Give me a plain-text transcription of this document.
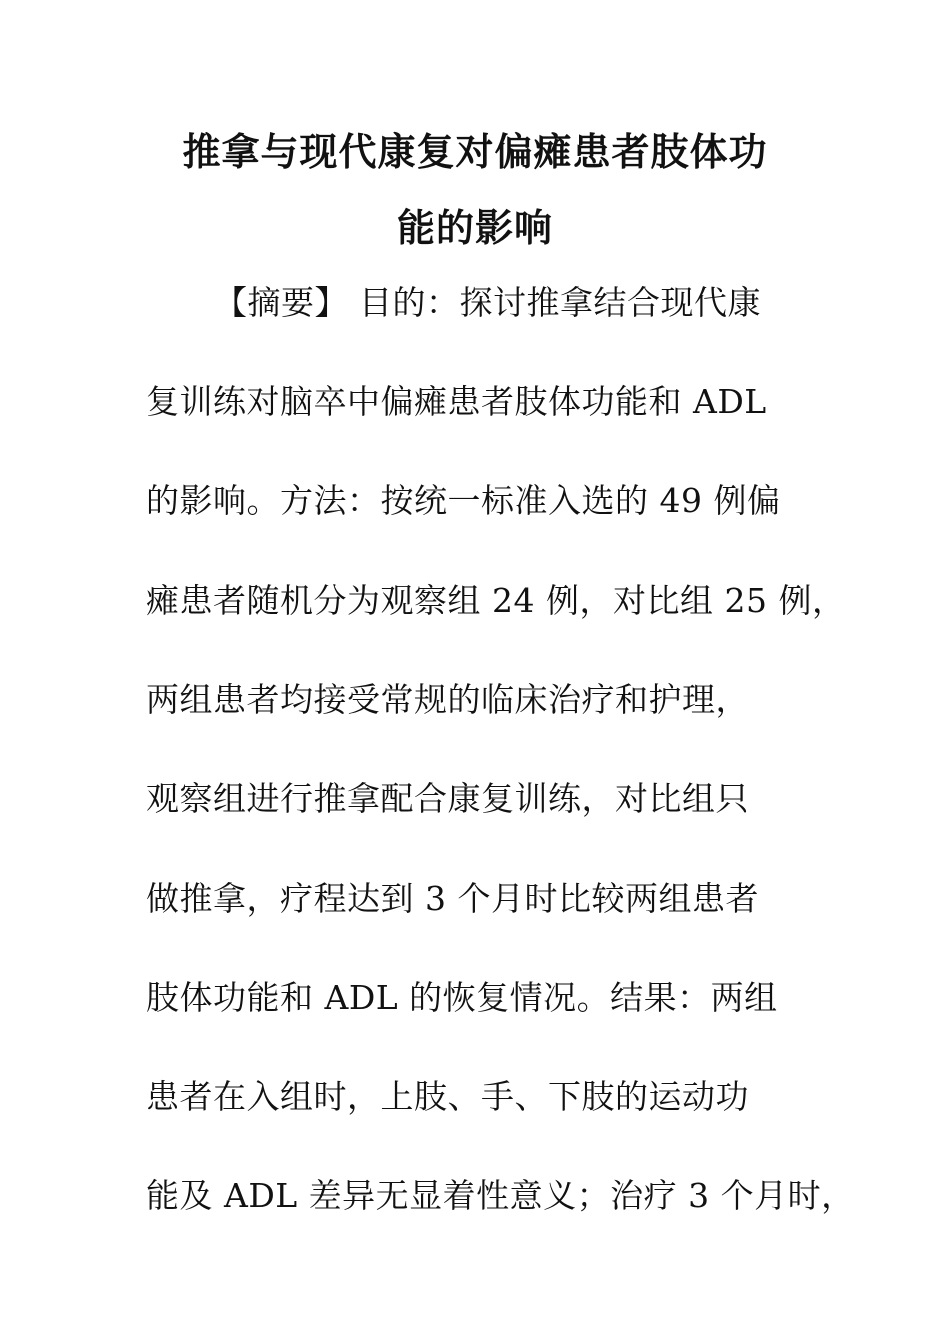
推拿与现代康复对偏瘫患者肢体功
能的影响
【摘要】 目的：探讨推拿结合现代康
复训练对脑卒中偏瘫患者肢体功能和 ADL
的影响。方法：按统一标准入选的 49 例偏
瘫患者随机分为观察组 24 例，对比组 25 例，
两组患者均接受常规的临床治疗和护理，
观察组进行推拿配合康复训练，对比组只
做推拿，疗程达到 3 个月时比较两组患者
肢体功能和 ADL 的恢复情况。结果：两组
患者在入组时，上肢、手、下肢的运动功
能及 ADL 差异无显着性意义；治疗 3 个月时，
